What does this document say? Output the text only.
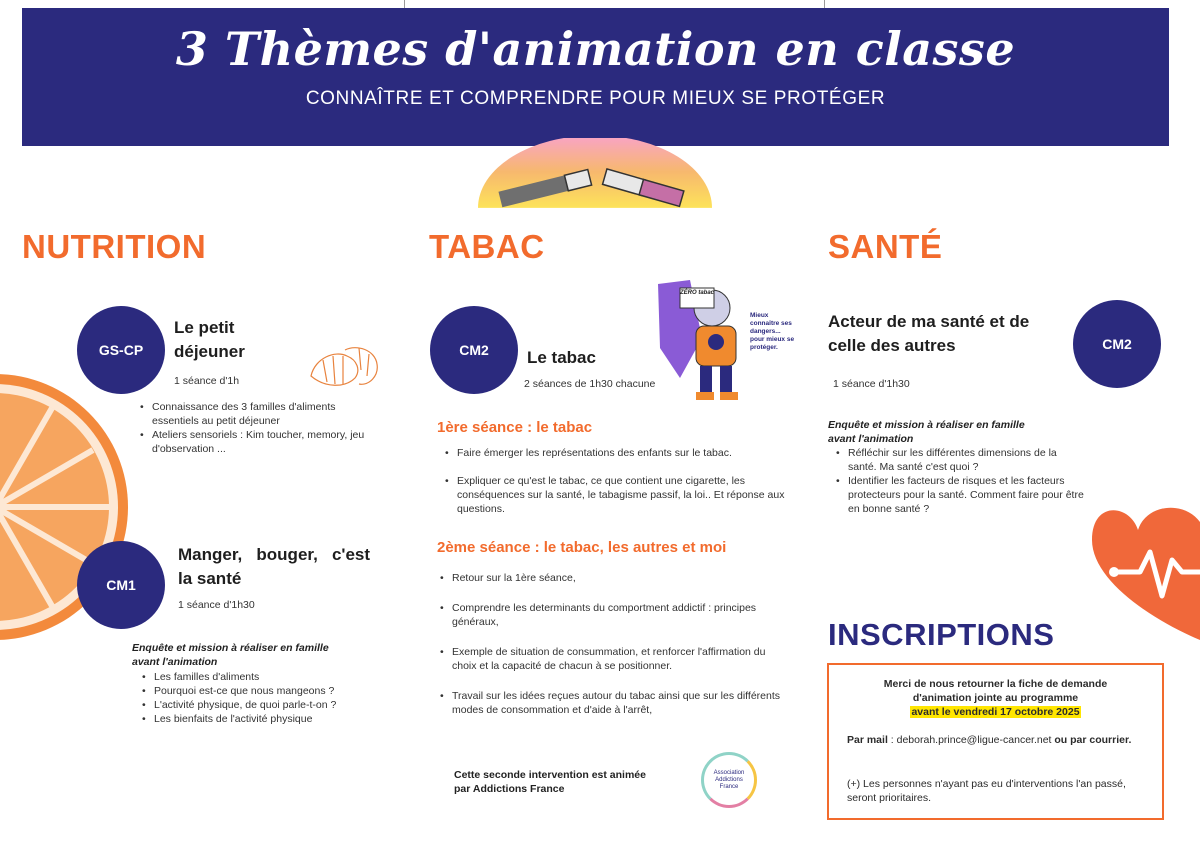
3 Thèmes d'animation en classe
CONNAÎTRE ET COMPRENDRE POUR MIEUX SE PROTÉGER
NUTRITION
GS-CP
Le petit
déjeuner
1 séance d'1h
• Connaissance des 3 familles d'aliments essentiels au petit déjeuner
• Ateliers sensoriels : Kim toucher, memory, jeu d'observation ...
CM1
Manger,   bouger,   c'est
la santé
1 séance d'1h30
Enquête et mission à réaliser en famille
avant l'animation
• Les familles d'aliments
• Pourquoi est-ce que nous mangeons ?
• L'activité physique, de quoi parle-t-on ?
• Les bienfaits de l'activité physique
TABAC
CM2	Le tabac
2 séances de 1h30 chacune
ZÉRO tabac
Mieux connaître ses dangers... pour mieux se protéger.
1ère séance : le tabac
• Faire émerger les représentations des enfants sur le tabac.
• Expliquer ce qu'est le tabac, ce que contient une cigarette, les conséquences sur la santé, le tabagisme passif, la loi.. Et réponse aux questions.
2ème séance : le tabac, les autres et moi
• Retour sur la 1ère séance,
• Comprendre les determinants du comportment addictif : principes généraux,
• Exemple de situation de consummation, et renforcer l'affirmation du choix et la capacité de chacun à se positionner.
• Travail sur les idées reçues autour du tabac ainsi que sur les différents modes de consommation et d'aide à l'arrêt,
Cette seconde intervention est animée
par Addictions France
Association
Addictions
France
SANTÉ
Acteur de ma santé et de
celle des autres	CM2
1 séance d'1h30
Enquête et mission à réaliser en famille
avant l'animation
• Réfléchir sur les différentes dimensions de la santé. Ma santé c'est quoi ?
• Identifier les facteurs de risques et les facteurs protecteurs pour la santé. Comment faire pour être en bonne santé ?
INSCRIPTIONS
Merci de nous retourner la fiche de demande
d'animation jointe au programme
avant le vendredi 17 octobre 2025
Par mail : deborah.prince@ligue-cancer.net ou par courrier.
(+) Les personnes n'ayant pas eu d'interventions l'an passé, seront prioritaires.
